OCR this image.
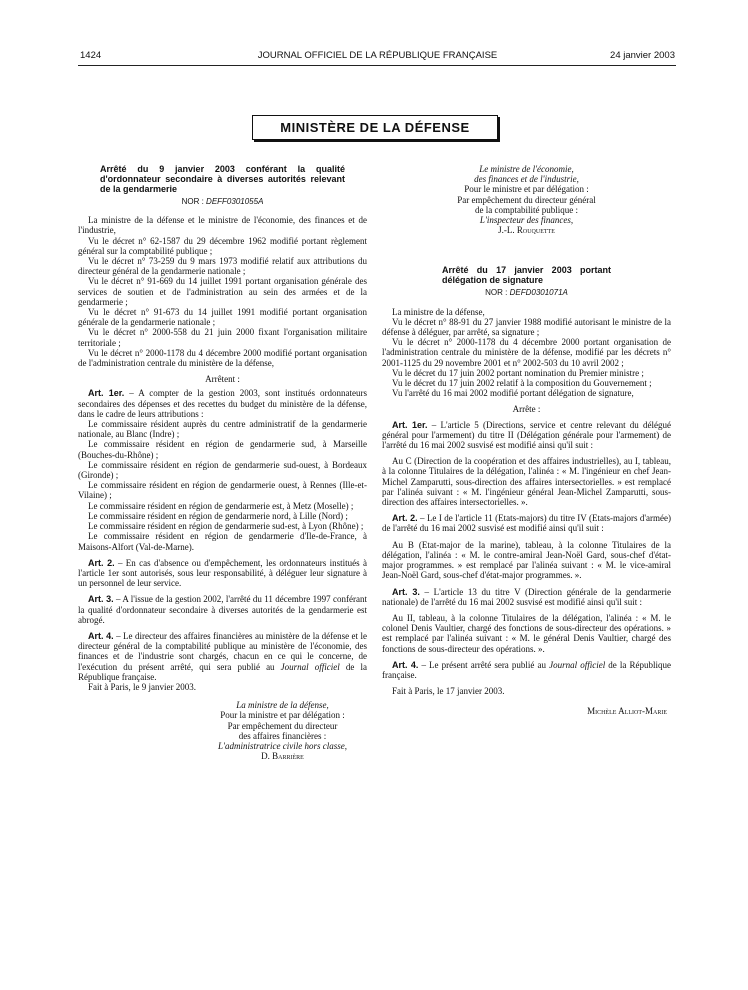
1424	JOURNAL OFFICIEL DE LA RÉPUBLIQUE FRANÇAISE	24 janvier 2003
MINISTÈRE DE LA DÉFENSE

Arrêté du 9 janvier 2003 conférant la qualité d'ordonnateur secondaire à diverses autorités relevant de la gendarmerie

NOR : DEFF0301055A

La ministre de la défense et le ministre de l'économie, des finances et de l'industrie,

Vu le décret n° 62-1587 du 29 décembre 1962 modifié portant règlement général sur la comptabilité publique ;

Vu le décret n° 73-259 du 9 mars 1973 modifié relatif aux attributions du directeur général de la gendarmerie nationale ;

Vu le décret n° 91-669 du 14 juillet 1991 portant organisation générale des services de soutien et de l'administration au sein des armées et de la gendarmerie ;

Vu le décret n° 91-673 du 14 juillet 1991 modifié portant organisation générale de la gendarmerie nationale ;

Vu le décret n° 2000-558 du 21 juin 2000 fixant l'organisation militaire territoriale ;

Vu le décret n° 2000-1178 du 4 décembre 2000 modifié portant organisation de l'administration centrale du ministère de la défense,

Arrêtent :

Art. 1er. – A compter de la gestion 2003, sont institués ordonnateurs secondaires des dépenses et des recettes du budget du ministère de la défense, dans le cadre de leurs attributions :

Le commissaire résident auprès du centre administratif de la gendarmerie nationale, au Blanc (Indre) ;

Le commissaire résident en région de gendarmerie sud, à Marseille (Bouches-du-Rhône) ;

Le commissaire résident en région de gendarmerie sud-ouest, à Bordeaux (Gironde) ;

Le commissaire résident en région de gendarmerie ouest, à Rennes (Ille-et-Vilaine) ;

Le commissaire résident en région de gendarmerie est, à Metz (Moselle) ;

Le commissaire résident en région de gendarmerie nord, à Lille (Nord) ;

Le commissaire résident en région de gendarmerie sud-est, à Lyon (Rhône) ;

Le commissaire résident en région de gendarmerie d'Ile-de-France, à Maisons-Alfort (Val-de-Marne).

Art. 2. – En cas d'absence ou d'empêchement, les ordonnateurs institués à l'article 1er sont autorisés, sous leur responsabilité, à déléguer leur signature à un personnel de leur service.

Art. 3. – A l'issue de la gestion 2002, l'arrêté du 11 décembre 1997 conférant la qualité d'ordonnateur secondaire à diverses autorités de la gendarmerie est abrogé.

Art. 4. – Le directeur des affaires financières au ministère de la défense et le directeur général de la comptabilité publique au ministère de l'économie, des finances et de l'industrie sont chargés, chacun en ce qui le concerne, de l'exécution du présent arrêté, qui sera publié au Journal officiel de la République française.

Fait à Paris, le 9 janvier 2003.

La ministre de la défense,
Pour la ministre et par délégation :
Par empêchement du directeur
des affaires financières :
L'administratrice civile hors classe,
D. Barrière
Le ministre de l'économie,
des finances et de l'industrie,
Pour le ministre et par délégation :
Par empêchement du directeur général
de la comptabilité publique :
L'inspecteur des finances,
J.-L. Rouquette

Arrêté du 17 janvier 2003 portant délégation de signature

NOR : DEFD0301071A

La ministre de la défense,

Vu le décret n° 88-91 du 27 janvier 1988 modifié autorisant le ministre de la défense à déléguer, par arrêté, sa signature ;

Vu le décret n° 2000-1178 du 4 décembre 2000 portant organisation de l'administration centrale du ministère de la défense, modifié par les décrets n° 2001-1125 du 29 novembre 2001 et n° 2002-503 du 10 avril 2002 ;

Vu le décret du 17 juin 2002 portant nomination du Premier ministre ;

Vu le décret du 17 juin 2002 relatif à la composition du Gouvernement ;

Vu l'arrêté du 16 mai 2002 modifié portant délégation de signature,

Arrête :

Art. 1er. – L'article 5 (Directions, service et centre relevant du délégué général pour l'armement) du titre II (Délégation générale pour l'armement) de l'arrêté du 16 mai 2002 susvisé est modifié ainsi qu'il suit :

Au C (Direction de la coopération et des affaires industrielles), au I, tableau, à la colonne Titulaires de la délégation, l'alinéa : « M. l'ingénieur en chef Jean-Michel Zamparutti, sous-direction des affaires intersectorielles. » est remplacé par l'alinéa suivant : « M. l'ingénieur général Jean-Michel Zamparutti, sous-direction des affaires intersectorielles. ».

Art. 2. – Le I de l'article 11 (Etats-majors) du titre IV (Etats-majors d'armée) de l'arrêté du 16 mai 2002 susvisé est modifié ainsi qu'il suit :

Au B (Etat-major de la marine), tableau, à la colonne Titulaires de la délégation, l'alinéa : « M. le contre-amiral Jean-Noël Gard, sous-chef d'état-major programmes. » est remplacé par l'alinéa suivant : « M. le vice-amiral Jean-Noël Gard, sous-chef d'état-major programmes. ».

Art. 3. – L'article 13 du titre V (Direction générale de la gendarmerie nationale) de l'arrêté du 16 mai 2002 susvisé est modifié ainsi qu'il suit :

Au II, tableau, à la colonne Titulaires de la délégation, l'alinéa : « M. le colonel Denis Vaultier, chargé des fonctions de sous-directeur des opérations. » est remplacé par l'alinéa suivant : « M. le général Denis Vaultier, chargé des fonctions de sous-directeur des opérations. ».

Art. 4. – Le présent arrêté sera publié au Journal officiel de la République française.

Fait à Paris, le 17 janvier 2003.

Michèle Alliot-Marie
